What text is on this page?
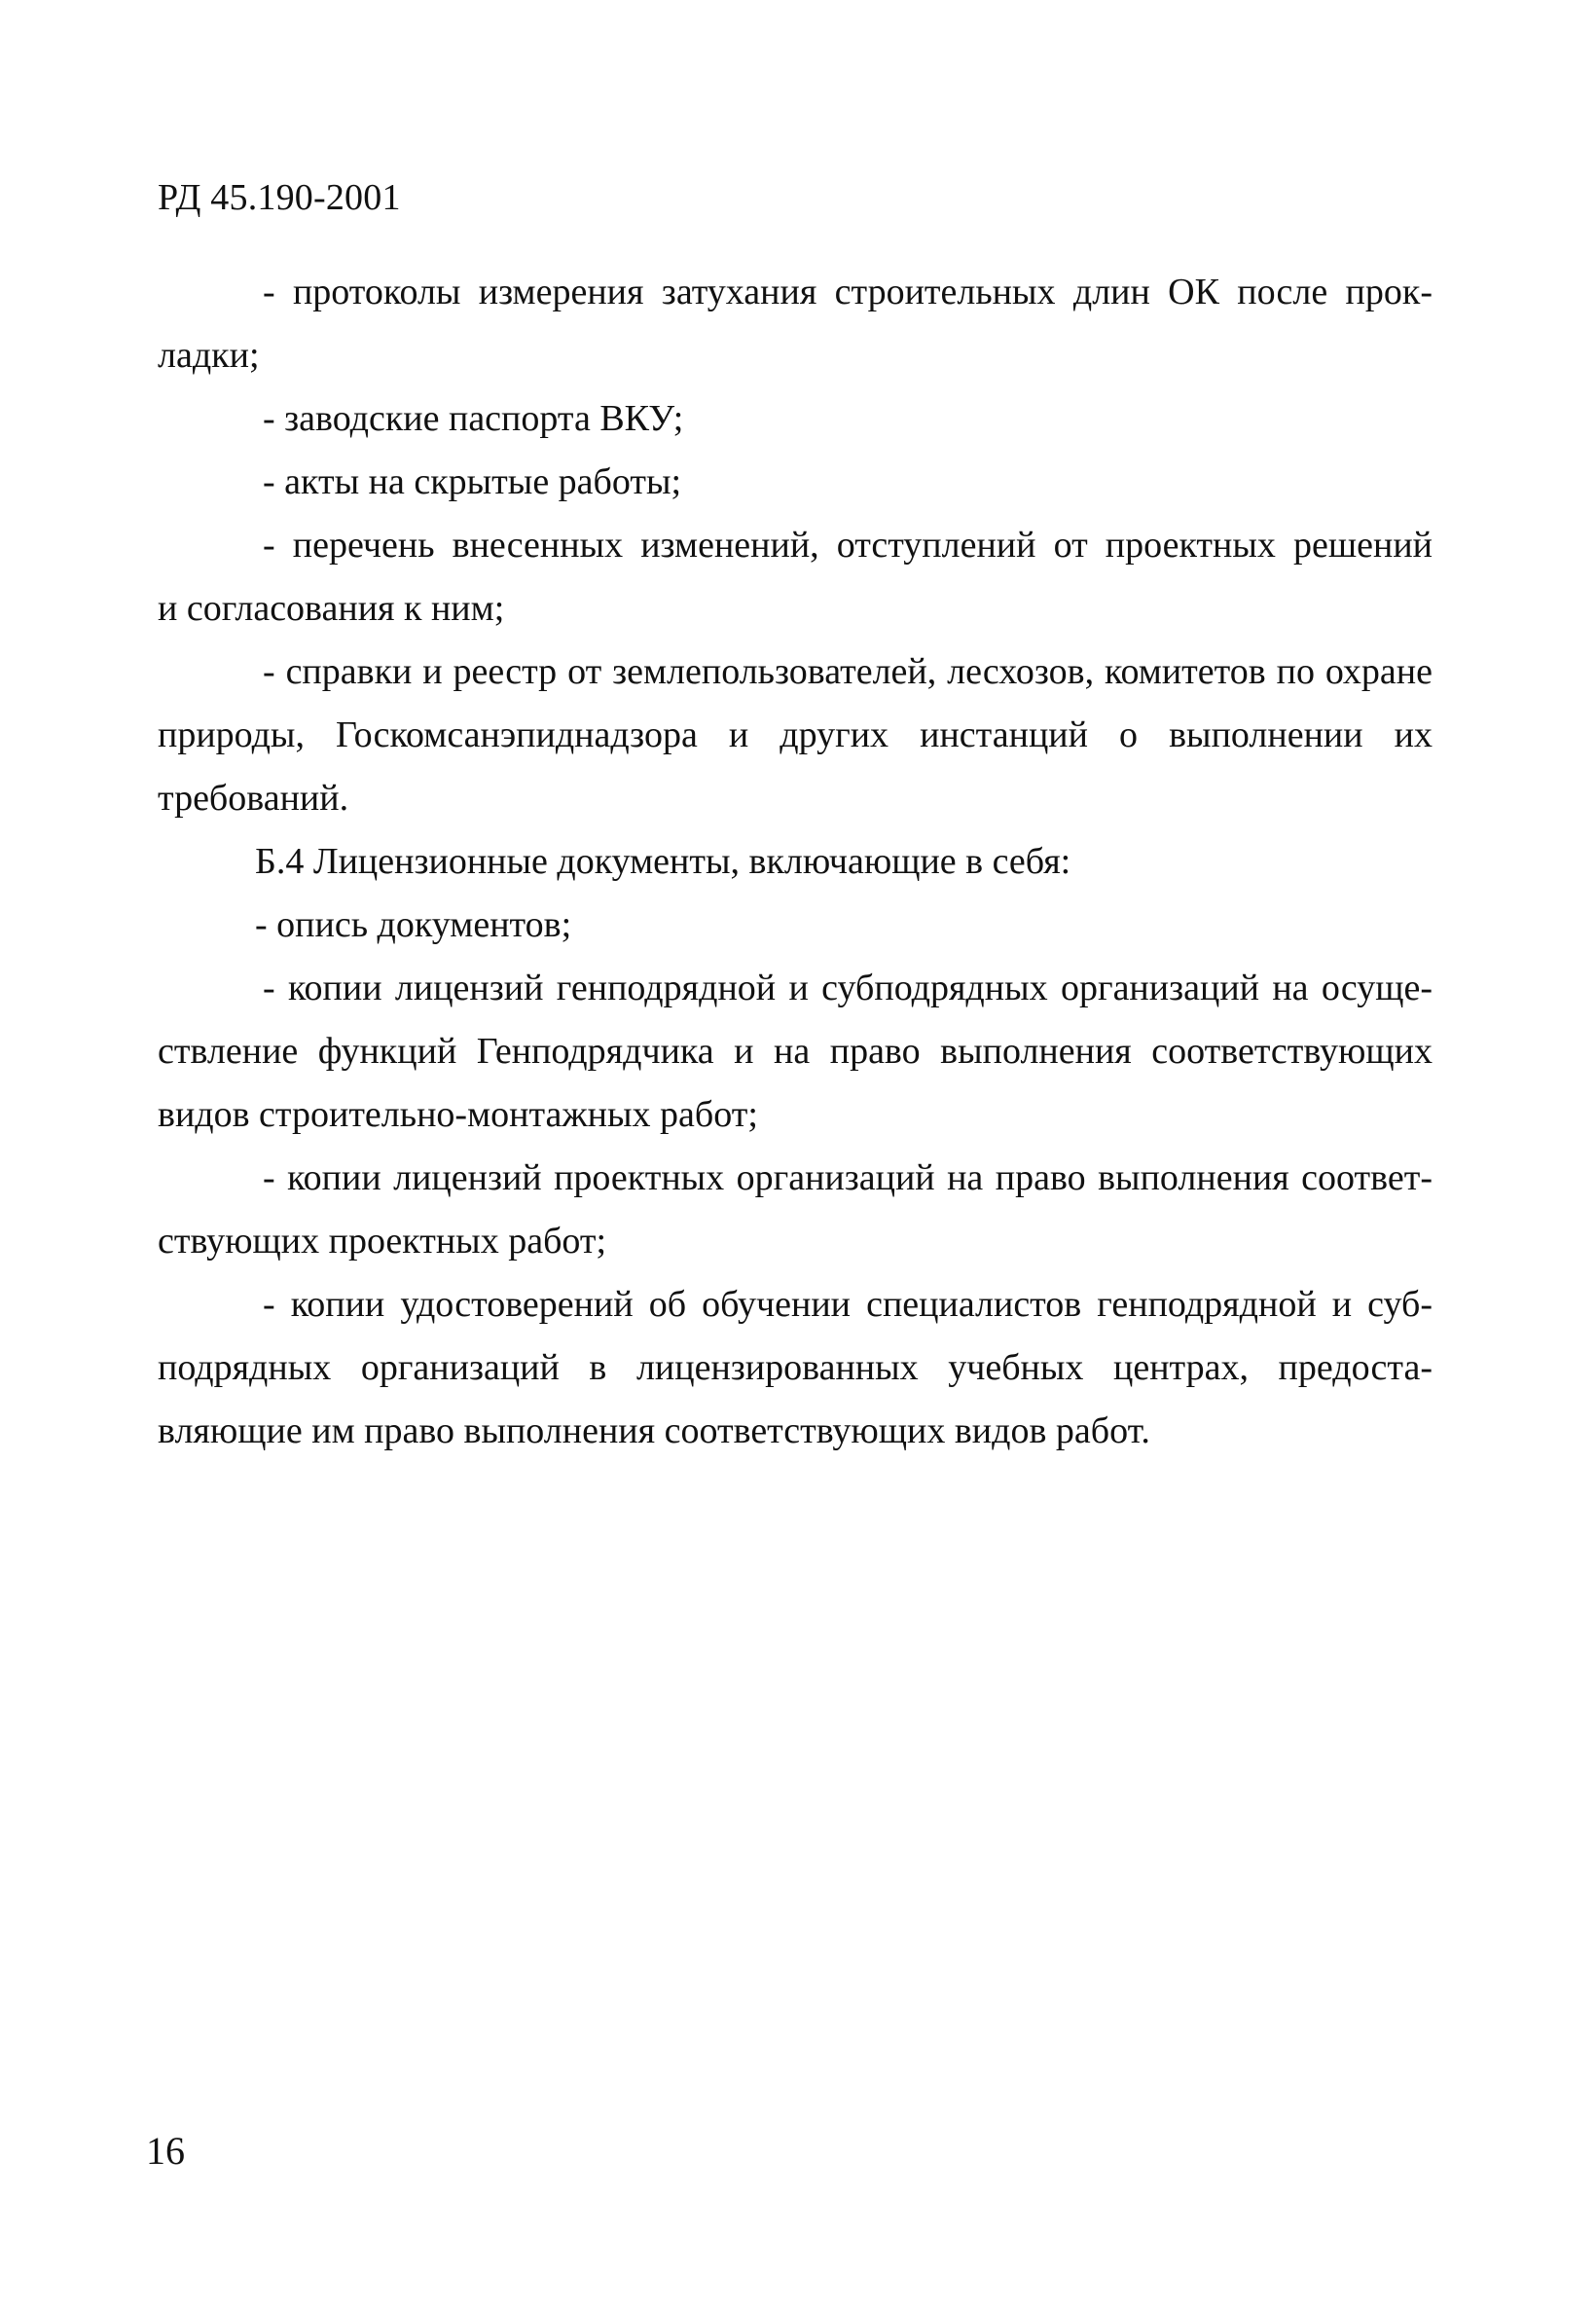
РД 45.190-2001
- протоколы измерения затухания строительных длин ОК после прок-
ладки;
- заводские паспорта ВКУ;
- акты на скрытые работы;
- перечень внесенных изменений, отступлений от проектных решений
и согласования к ним;
- справки и реестр от землепользователей, лесхозов, комитетов по охране
природы, Госкомсанэпиднадзора и других инстанций о выполнении их
требований.
Б.4 Лицензионные документы, включающие в себя:
- опись документов;
- копии лицензий генподрядной и субподрядных организаций на осуще-
ствление функций Генподрядчика и на право выполнения соответствующих
видов строительно-монтажных работ;
- копии лицензий проектных организаций на право выполнения соответ-
ствующих проектных работ;
- копии удостоверений об обучении специалистов генподрядной и суб-
подрядных организаций в лицензированных учебных центрах, предоста-
вляющие им право выполнения соответствующих видов работ.
16
